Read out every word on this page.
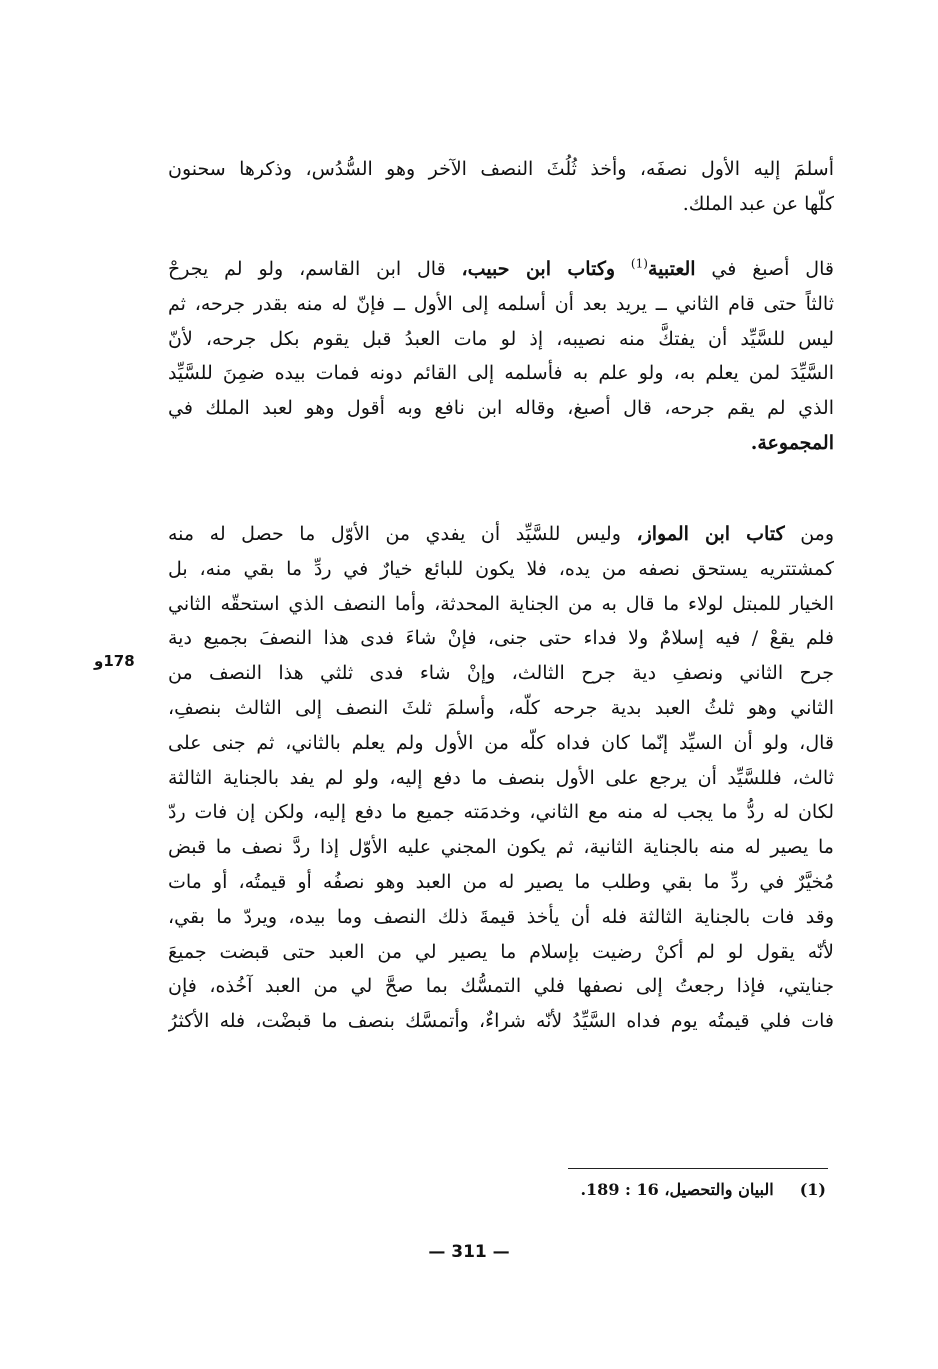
أسلمَ إليه الأول نصفَه، وأخذ ثُلُثَ النصف الآخر وهو السُّدُس، وذكرها سحنون
كلّها عن عبد الملك.
قال أصبغ في العتبية$^{(1)}$ وكتاب ابن حبيب، قال ابن القاسم، ولو لم يجرحْ
ثالثاً حتى قام الثاني ــ يريد بعد أن أسلمه إلى الأول ــ فإنّ له منه بقدر جرحه، ثم
ليس للسَّيِّد أن يفتكَّ منه نصيبه، إذ لو مات العبدُ قبل يقوم بكل جرحه، لأنّ
السَّيِّدَ لمن يعلم به، ولو علم به فأسلمه إلى القائم دونه فمات بيده ضمِنَ للسَّيِّد
الذي لم يقم جرحه، قال أصبغ، وقاله ابن نافع وبه أقول وهو لعبد الملك في
المجموعة.
ومن كتاب ابن المواز، وليس للسَّيِّد أن يفدي من الأوّل ما حصل له منه
كمشتتريه يستحق نصفه من يده، فلا يكون للبائع خيارٌ في ردِّ ما بقي منه، بل
الخيار للمبتل لولاء ما قال به من الجناية المحدثة، وأما النصف الذي استحقّه الثاني
فلم يقعْ / فيه إسلامٌ ولا فداء حتى جنى، فإنْ شاءَ فدى هذا النصفَ بجميع دية
جرح الثاني ونصفِ دية جرح الثالث، وإنْ شاء فدى ثلثي هذا النصف من
الثاني وهو ثلثُ العبد بدية جرحه كلّه، وأسلمَ ثلثَ النصف إلى الثالث بنصفِ،
قال، ولو أن السيِّد إنّما كان فداه كلّه من الأول ولم يعلم بالثاني، ثم جنى على
ثالث، فللسَّيِّد أن يرجع على الأول بنصف ما دفع إليه، ولو لم يفد بالجناية الثالثة
لكان له ردُّ ما يجب له منه مع الثاني، وخدمَته جميع ما دفع إليه، ولكن إن فات ردّ
ما يصير له منه بالجناية الثانية، ثم يكون المجني عليه الأوّل إذا ردَّ نصف ما قبض
مُخيَّرٌ في ردِّ ما بقي وطلب ما يصير له من العبد وهو نصفُه أو قيمتُه، أو مات
وقد فات بالجناية الثالثة فله أن يأخذ قيمةَ ذلك النصف وما بيده، ويردّ ما بقي،
لأنّه يقول لو لم أكنْ رضيت بإسلام ما يصير لي من العبد حتى قبضت جميعَ
جنايتي، فإذا رجعتُ إلى نصفها فلي التمسُّك بما صحَّ لي من العبد آخُذه، فإن
فات فلي قيمتُه يوم فداه السَّيِّدُ لأنّه شراءٌ، وأتمسَّك بنصف ما قبضْت، فله الأكثرُ
178و
(1)البيان والتحصيل، 16 : 189.
— 311 —
